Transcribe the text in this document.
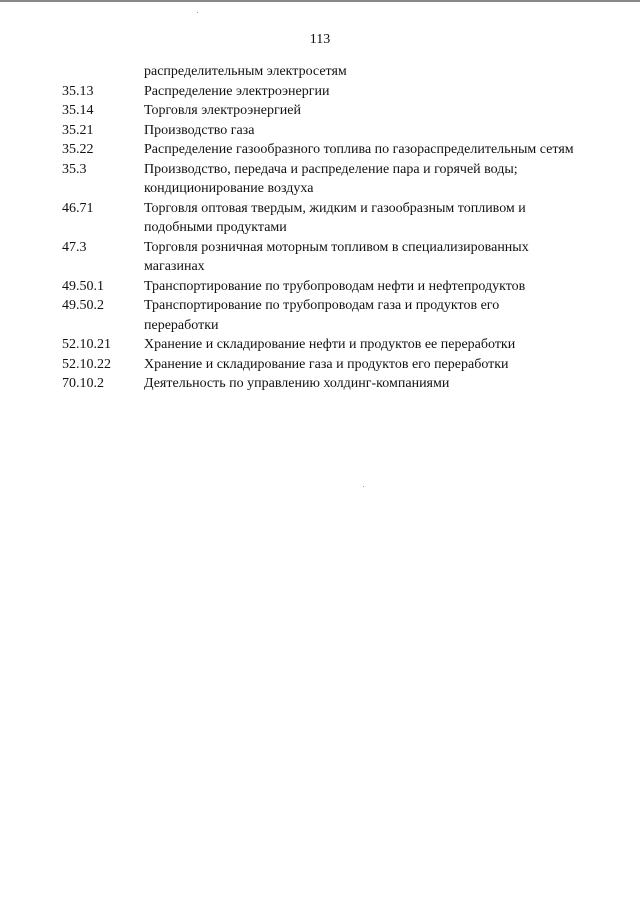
113
распределительным электросетям
35.13	Распределение электроэнергии
35.14	Торговля электроэнергией
35.21	Производство газа
35.22	Распределение газообразного топлива по газораспределительным сетям
35.3	Производство, передача и распределение пара и горячей воды;
кондиционирование воздуха
46.71	Торговля оптовая твердым, жидким и газообразным топливом и
подобными продуктами
47.3	Торговля розничная моторным топливом в специализированных
магазинах
49.50.1	Транспортирование по трубопроводам нефти и нефтепродуктов
49.50.2	Транспортирование по трубопроводам газа и продуктов его
переработки
52.10.21	Хранение и складирование нефти и продуктов ее переработки
52.10.22	Хранение и складирование газа и продуктов его переработки
70.10.2	Деятельность по управлению холдинг-компаниями
